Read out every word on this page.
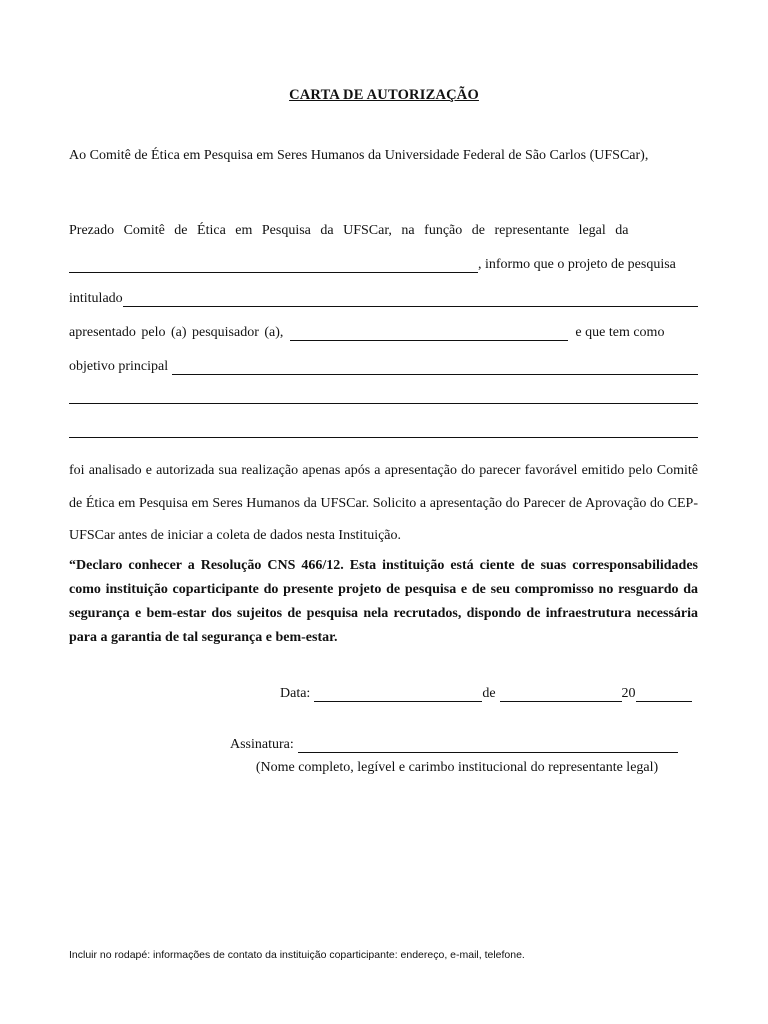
CARTA DE AUTORIZAÇÃO
Ao Comitê de Ética em Pesquisa em Seres Humanos da Universidade Federal de São Carlos (UFSCar),
Prezado Comitê de Ética em Pesquisa da UFSCar, na função de representante legal da
, informo que o projeto de pesquisa
intitulado
apresentado pelo (a) pesquisador (a),	e que tem como
objetivo principal
foi analisado e autorizada sua realização apenas após a apresentação do parecer favorável emitido pelo Comitê de Ética em Pesquisa em Seres Humanos da UFSCar. Solicito a apresentação do Parecer de Aprovação do CEP-UFSCar antes de iniciar a coleta de dados nesta Instituição.
“Declaro conhecer a Resolução CNS 466/12. Esta instituição está ciente de suas corresponsabilidades como instituição coparticipante do presente projeto de pesquisa e de seu compromisso no resguardo da segurança e bem-estar dos sujeitos de pesquisa nela recrutados, dispondo de infraestrutura necessária para a garantia de tal segurança e bem-estar.
Data:	de	20
Assinatura:
(Nome completo, legível e carimbo institucional do representante legal)
Incluir no rodapé: informações de contato da instituição coparticipante: endereço, e-mail, telefone.
